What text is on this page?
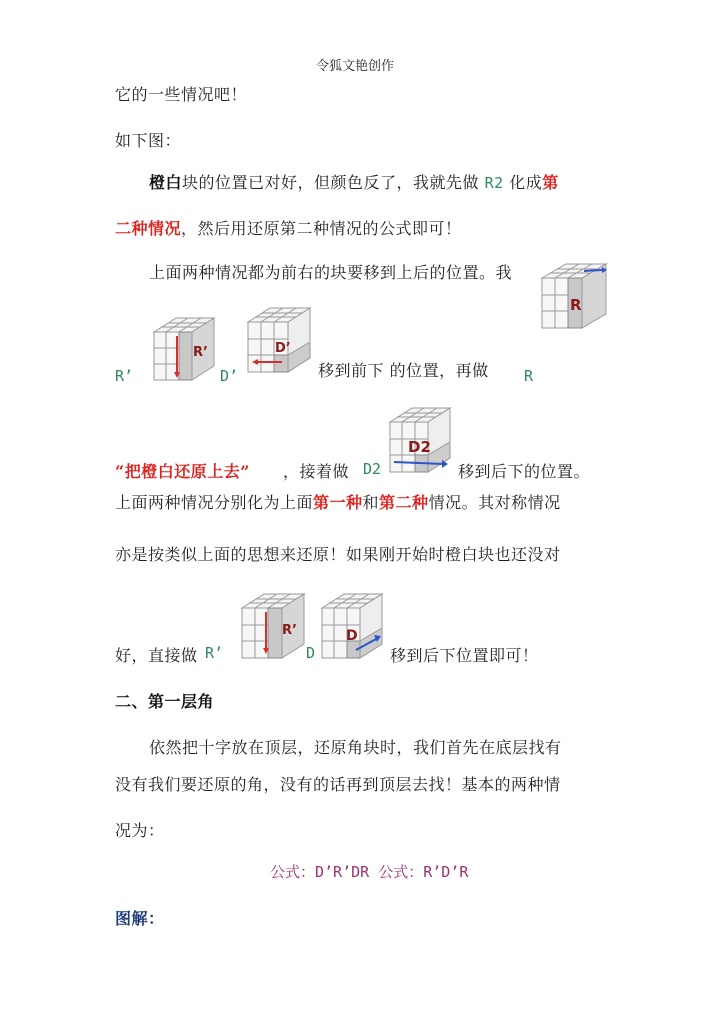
令狐文艳创作
它的一些情况吧！
如下图：
橙白块的位置已对好，但颜色反了，我就先做 R2 化成第
二种情况，然后用还原第二种情况的公式即可！
上面两种情况都为前右的块要移到上后的位置。我
R
R’
R’
D’
D’
移到前下 的位置，再做 R
“把橙白还原上去” ，接着做 D2
D2
移到后下的位置。
上面两种情况分别化为上面第一种和第二种情况。其对称情况
亦是按类似上面的思想来还原！如果刚开始时橙白块也还没对
好，直接做 R’
R’
D
D
移到后下位置即可！
二、第一层角
依然把十字放在顶层，还原角块时，我们首先在底层找有
没有我们要还原的角，没有的话再到顶层去找！基本的两种情
况为：
公式：D’R’DR 公式：R’D’R
图解：
